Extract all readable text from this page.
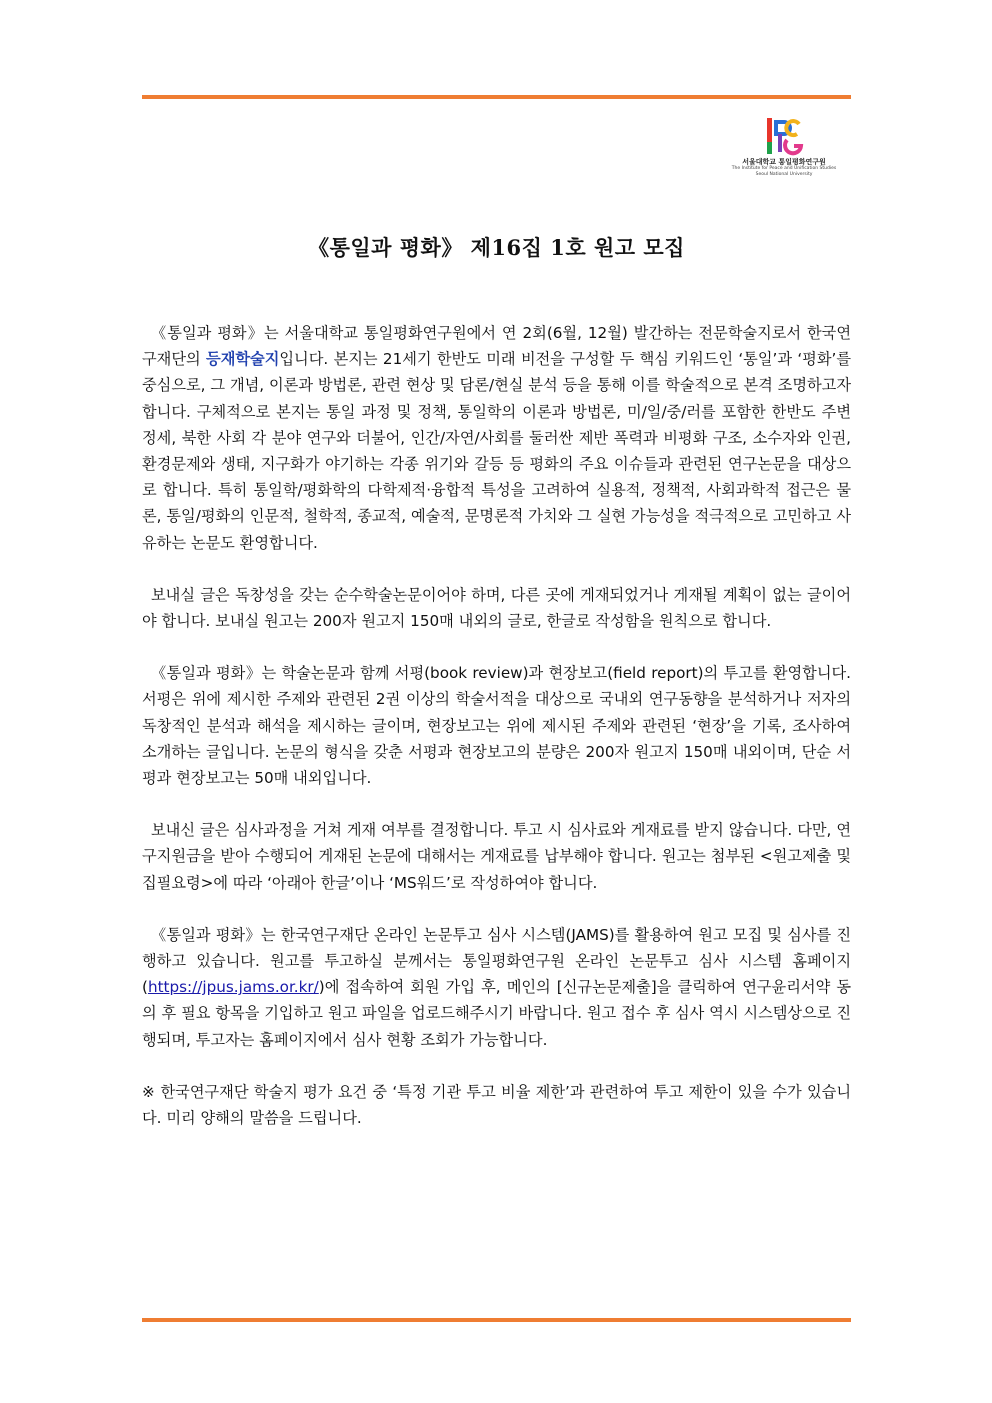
서울대학교 통일평화연구원
The Institute for Peace and Unification Studies
Seoul National University
《통일과 평화》 제16집 1호 원고 모집

《통일과 평화》는 서울대학교 통일평화연구원에서 연 2회(6월, 12월) 발간하는 전문학술지로서 한국연구재단의 등재학술지입니다. 본지는 21세기 한반도 미래 비전을 구성할 두 핵심 키워드인 ‘통일’과 ‘평화’를 중심으로, 그 개념, 이론과 방법론, 관련 현상 및 담론/현실 분석 등을 통해 이를 학술적으로 본격 조명하고자 합니다. 구체적으로 본지는 통일 과정 및 정책, 통일학의 이론과 방법론, 미/일/중/러를 포함한 한반도 주변 정세, 북한 사회 각 분야 연구와 더불어, 인간/자연/사회를 둘러싼 제반 폭력과 비평화 구조, 소수자와 인권, 환경문제와 생태, 지구화가 야기하는 각종 위기와 갈등 등 평화의 주요 이슈들과 관련된 연구논문을 대상으로 합니다. 특히 통일학/평화학의 다학제적·융합적 특성을 고려하여 실용적, 정책적, 사회과학적 접근은 물론, 통일/평화의 인문적, 철학적, 종교적, 예술적, 문명론적 가치와 그 실현 가능성을 적극적으로 고민하고 사유하는 논문도 환영합니다.

보내실 글은 독창성을 갖는 순수학술논문이어야 하며, 다른 곳에 게재되었거나 게재될 계획이 없는 글이어야 합니다. 보내실 원고는 200자 원고지 150매 내외의 글로, 한글로 작성함을 원칙으로 합니다.

《통일과 평화》는 학술논문과 함께 서평(book review)과 현장보고(field report)의 투고를 환영합니다. 서평은 위에 제시한 주제와 관련된 2권 이상의 학술서적을 대상으로 국내외 연구동향을 분석하거나 저자의 독창적인 분석과 해석을 제시하는 글이며, 현장보고는 위에 제시된 주제와 관련된 ‘현장’을 기록, 조사하여 소개하는 글입니다. 논문의 형식을 갖춘 서평과 현장보고의 분량은 200자 원고지 150매 내외이며, 단순 서평과 현장보고는 50매 내외입니다.

보내신 글은 심사과정을 거쳐 게재 여부를 결정합니다. 투고 시 심사료와 게재료를 받지 않습니다. 다만, 연구지원금을 받아 수행되어 게재된 논문에 대해서는 게재료를 납부해야 합니다. 원고는 첨부된 <원고제출 및 집필요령>에 따라 ‘아래아 한글’이나 ‘MS워드’로 작성하여야 합니다.

《통일과 평화》는 한국연구재단 온라인 논문투고 심사 시스템(JAMS)를 활용하여 원고 모집 및 심사를 진행하고 있습니다. 원고를 투고하실 분께서는 통일평화연구원 온라인 논문투고 심사 시스템 홈페이지(https://jpus.jams.or.kr/)에 접속하여 회원 가입 후, 메인의 [신규논문제출]을 클릭하여 연구윤리서약 동의 후 필요 항목을 기입하고 원고 파일을 업로드해주시기 바랍니다. 원고 접수 후 심사 역시 시스템상으로 진행되며, 투고자는 홈페이지에서 심사 현황 조회가 가능합니다.

※ 한국연구재단 학술지 평가 요건 중 ‘특정 기관 투고 비율 제한’과 관련하여 투고 제한이 있을 수가 있습니다. 미리 양해의 말씀을 드립니다.
